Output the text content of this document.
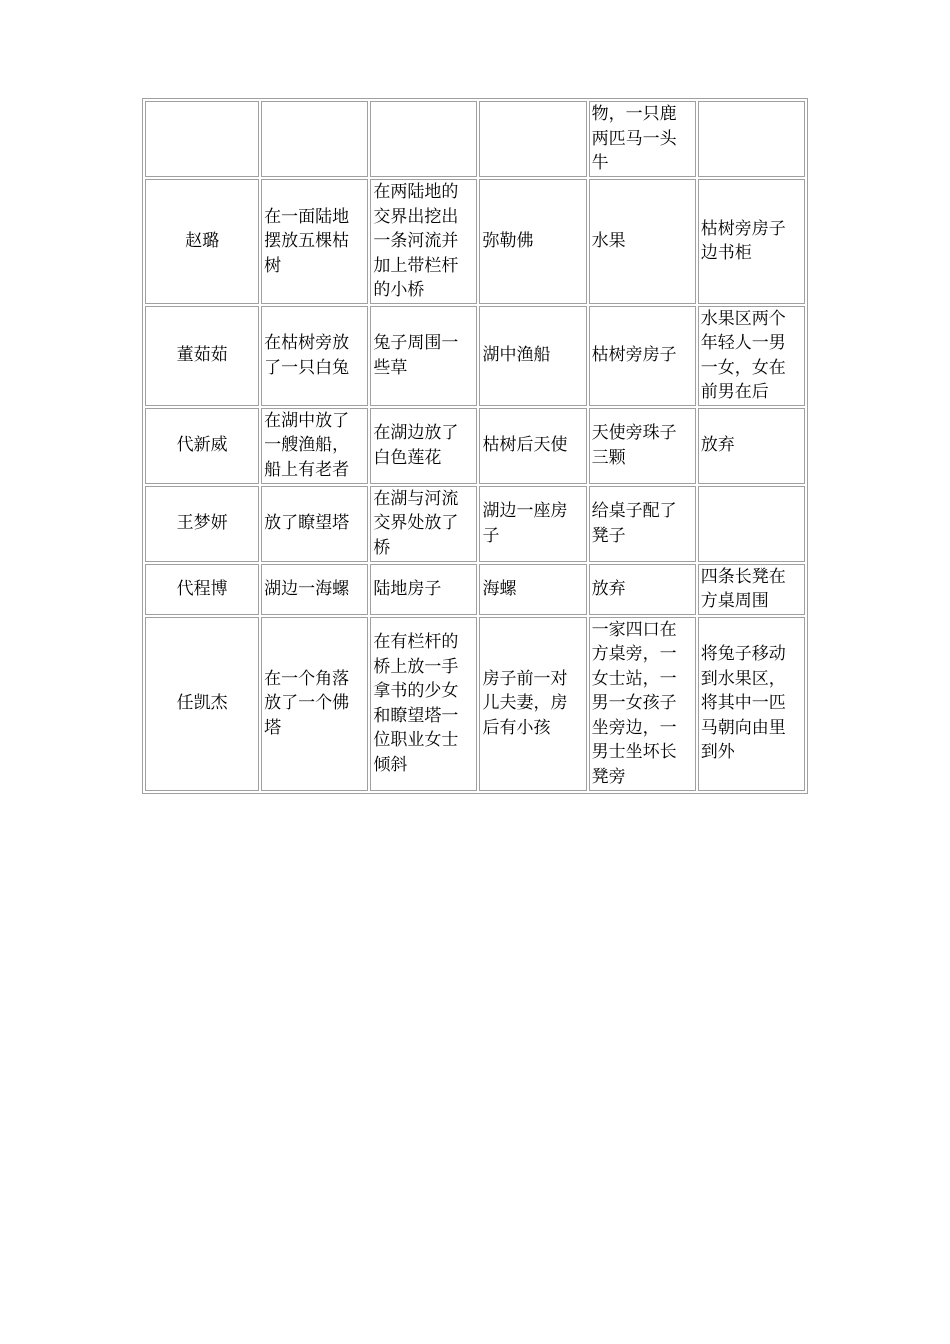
				物，一只鹿两匹马一头牛	
赵璐	在一面陆地摆放五棵枯树	在两陆地的交界出挖出一条河流并加上带栏杆的小桥	弥勒佛	水果	枯树旁房子边书柜
董茹茹	在枯树旁放了一只白兔	兔子周围一些草	湖中渔船	枯树旁房子	水果区两个年轻人一男一女，女在前男在后
代新威	在湖中放了一艘渔船，船上有老者	在湖边放了白色莲花	枯树后天使	天使旁珠子三颗	放弃
王梦妍	放了瞭望塔	在湖与河流交界处放了桥	湖边一座房子	给桌子配了凳子	
代程博	湖边一海螺	陆地房子	海螺	放弃	四条长凳在方桌周围
任凯杰	在一个角落放了一个佛塔	在有栏杆的桥上放一手拿书的少女和瞭望塔一位职业女士倾斜	房子前一对儿夫妻，房后有小孩	一家四口在方桌旁，一女士站，一男一女孩子坐旁边，一男士坐坏长凳旁	将兔子移动到水果区，将其中一匹马朝向由里到外
